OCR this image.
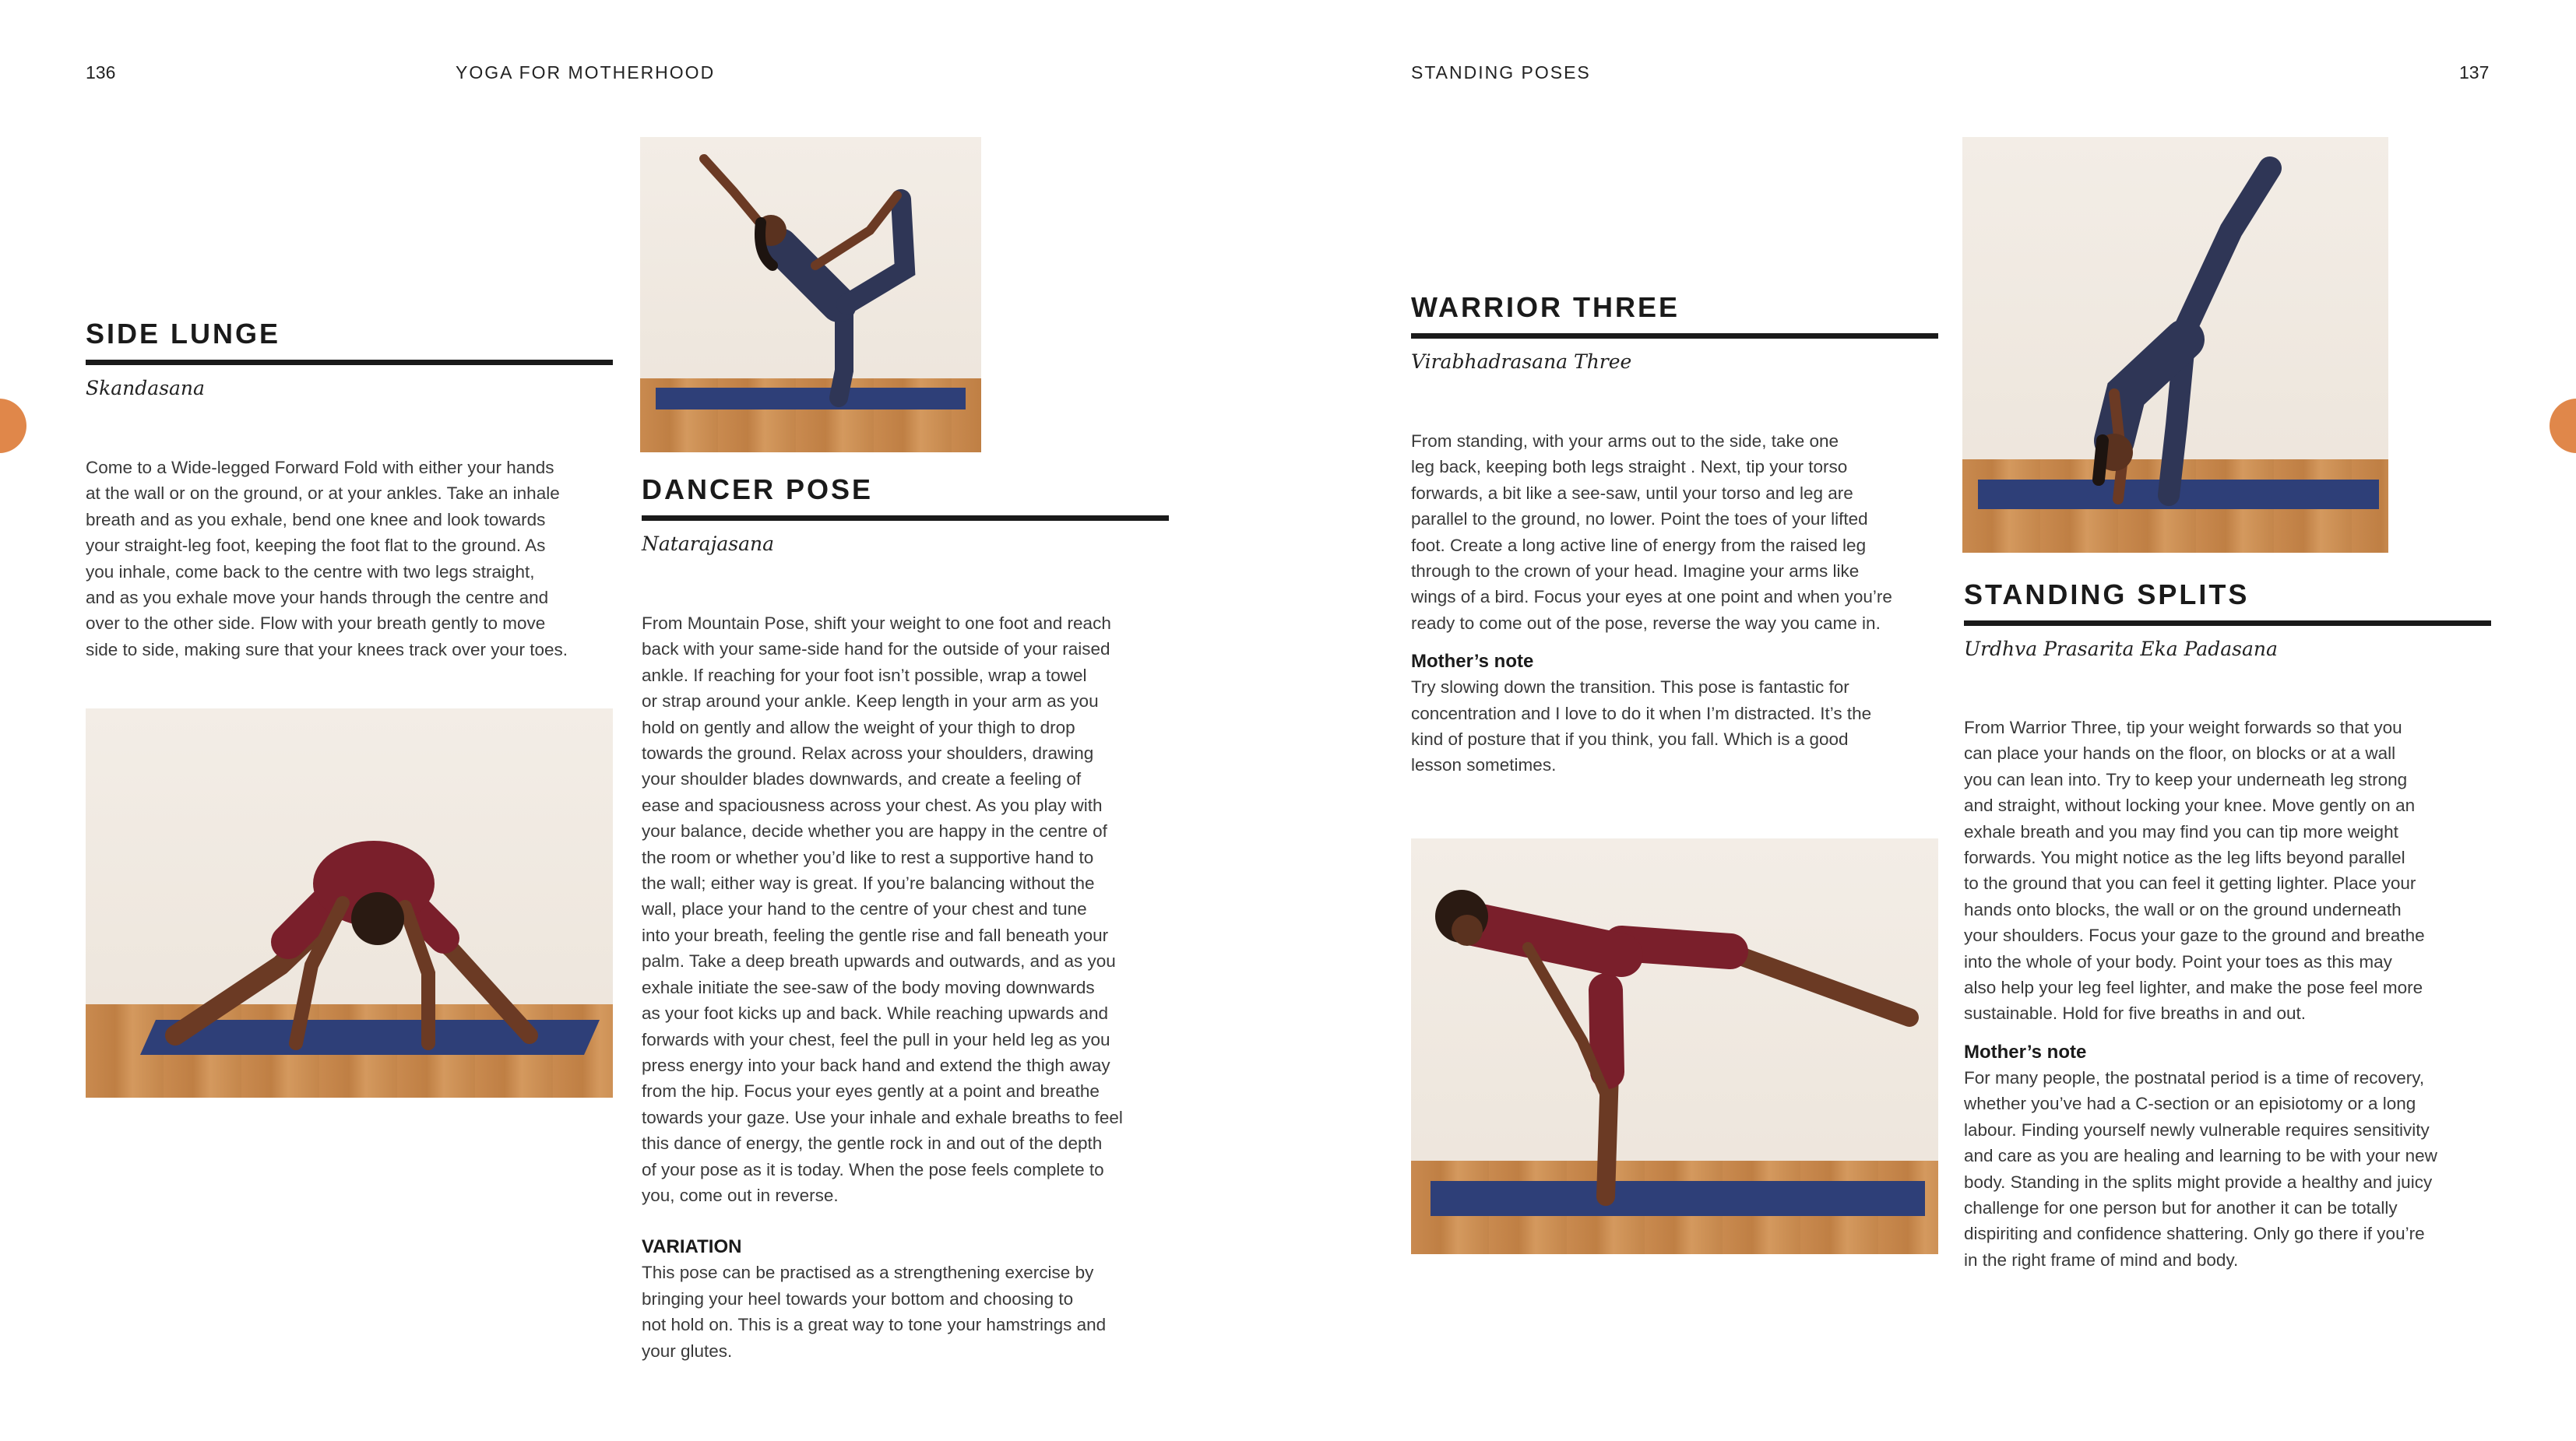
136	YOGA FOR MOTHERHOOD	STANDING POSES	137
SIDE LUNGE
Skandasana

Come to a Wide-legged Forward Fold with either your hands

at the wall or on the ground, or at your ankles. Take an inhale

breath and as you exhale, bend one knee and look towards

your straight-leg foot, keeping the foot flat to the ground. As

you inhale, come back to the centre with two legs straight,

and as you exhale move your hands through the centre and

over to the other side. Flow with your breath gently to move

side to side, making sure that your knees track over your toes.

DANCER POSE
Natarajasana

From Mountain Pose, shift your weight to one foot and reach

back with your same-side hand for the outside of your raised

ankle. If reaching for your foot isn’t possible, wrap a towel

or strap around your ankle. Keep length in your arm as you

hold on gently and allow the weight of your thigh to drop

towards the ground. Relax across your shoulders, drawing

your shoulder blades downwards, and create a feeling of

ease and spaciousness across your chest. As you play with

your balance, decide whether you are happy in the centre of

the room or whether you’d like to rest a supportive hand to

the wall; either way is great. If you’re balancing without the

wall, place your hand to the centre of your chest and tune

into your breath, feeling the gentle rise and fall beneath your

palm. Take a deep breath upwards and outwards, and as you

exhale initiate the see-saw of the body moving downwards

as your foot kicks up and back. While reaching upwards and

forwards with your chest, feel the pull in your held leg as you

press energy into your back hand and extend the thigh away

from the hip. Focus your eyes gently at a point and breathe

towards your gaze. Use your inhale and exhale breaths to feel

this dance of energy, the gentle rock in and out of the depth

of your pose as it is today. When the pose feels complete to

you, come out in reverse.

VARIATION

This pose can be practised as a strengthening exercise by

bringing your heel towards your bottom and choosing to

not hold on. This is a great way to tone your hamstrings and

your glutes.

WARRIOR THREE
Virabhadrasana Three

From standing, with your arms out to the side, take one

leg back, keeping both legs straight . Next, tip your torso

forwards, a bit like a see-saw, until your torso and leg are

parallel to the ground, no lower. Point the toes of your lifted

foot. Create a long active line of energy from the raised leg

through to the crown of your head. Imagine your arms like

wings of a bird. Focus your eyes at one point and when you’re

ready to come out of the pose, reverse the way you came in.

Mother’s note

Try slowing down the transition. This pose is fantastic for

concentration and I love to do it when I’m distracted. It’s the

kind of posture that if you think, you fall. Which is a good

lesson sometimes.

STANDING SPLITS
Urdhva Prasarita Eka Padasana

From Warrior Three, tip your weight forwards so that you

can place your hands on the floor, on blocks or at a wall

you can lean into. Try to keep your underneath leg strong

and straight, without locking your knee. Move gently on an

exhale breath and you may find you can tip more weight

forwards. You might notice as the leg lifts beyond parallel

to the ground that you can feel it getting lighter. Place your

hands onto blocks, the wall or on the ground underneath

your shoulders. Focus your gaze to the ground and breathe

into the whole of your body. Point your toes as this may

also help your leg feel lighter, and make the pose feel more

sustainable. Hold for five breaths in and out.

Mother’s note

For many people, the postnatal period is a time of recovery,

whether you’ve had a C-section or an episiotomy or a long

labour. Finding yourself newly vulnerable requires sensitivity

and care as you are healing and learning to be with your new

body. Standing in the splits might provide a healthy and juicy

challenge for one person but for another it can be totally

dispiriting and confidence shattering. Only go there if you’re

in the right frame of mind and body.
